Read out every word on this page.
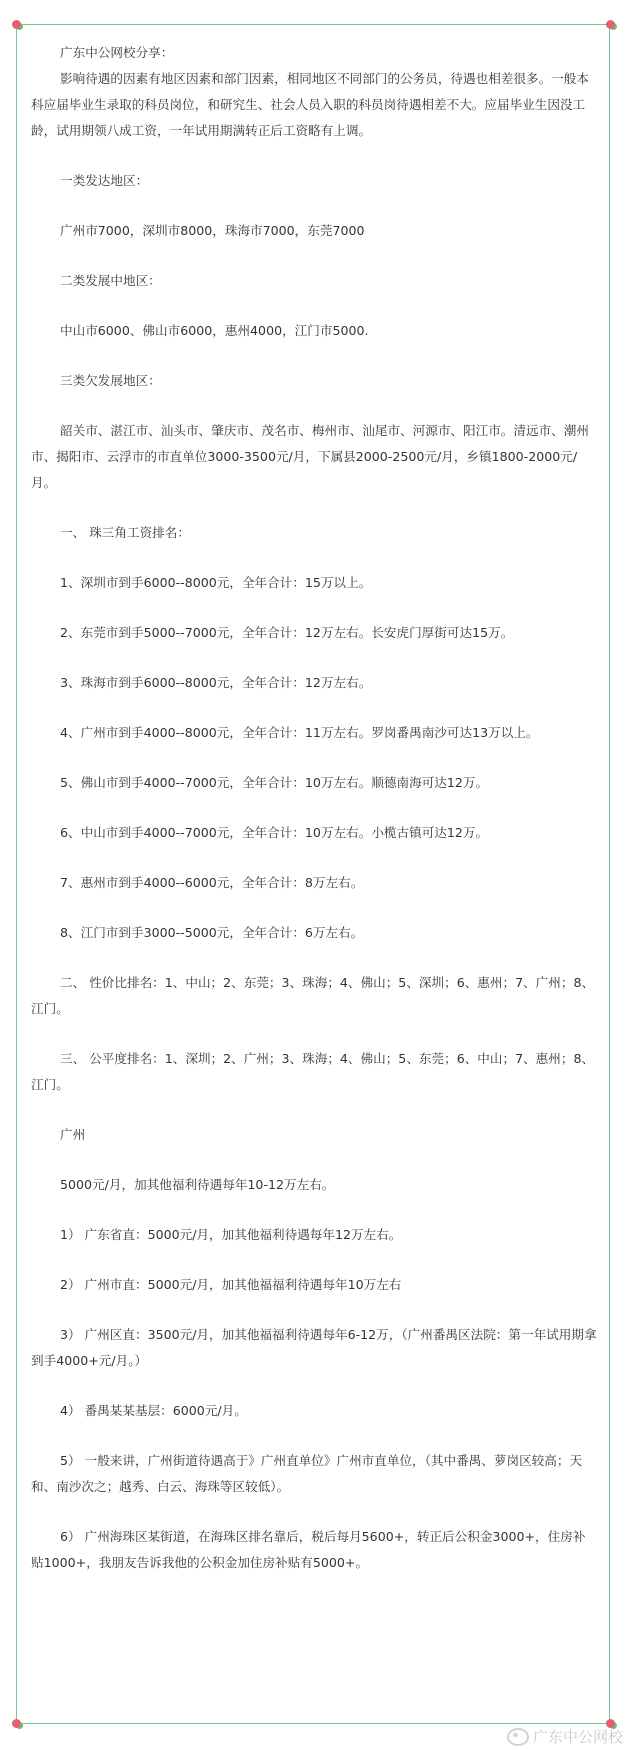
广东中公网校分享：

影响待遇的因素有地区因素和部门因素，相同地区不同部门的公务员，待遇也相差很多。一般本科应届毕业生录取的科员岗位，和研究生、社会人员入职的科员岗待遇相差不大。应届毕业生因没工龄，试用期领八成工资，一年试用期满转正后工资略有上调。

一类发达地区：

广州市7000，深圳市8000，珠海市7000，东莞7000

二类发展中地区：

中山市6000、佛山市6000，惠州4000，江门市5000.

三类欠发展地区：

韶关市、湛江市、汕头市、肇庆市、茂名市、梅州市、汕尾市、河源市、阳江市。清远市、潮州市、揭阳市、云浮市的市直单位3000-3500元/月，下属县2000-2500元/月，乡镇1800-2000元/月。

一、 珠三角工资排名：

1、深圳市到手6000--8000元，全年合计：15万以上。

2、东莞市到手5000--7000元，全年合计：12万左右。长安虎门厚街可达15万。

3、珠海市到手6000--8000元，全年合计：12万左右。

4、广州市到手4000--8000元，全年合计：11万左右。罗岗番禺南沙可达13万以上。

5、佛山市到手4000--7000元，全年合计：10万左右。顺德南海可达12万。

6、中山市到手4000--7000元，全年合计：10万左右。小榄古镇可达12万。

7、惠州市到手4000--6000元，全年合计：8万左右。

8、江门市到手3000--5000元，全年合计：6万左右。

二、 性价比排名：1、中山；2、东莞；3、珠海；4、佛山；5、深圳；6、惠州；7、广州；8、江门。

三、 公平度排名：1、深圳；2、广州；3、珠海；4、佛山；5、东莞；6、中山；7、惠州；8、江门。

广州

5000元/月，加其他福利待遇每年10-12万左右。

1） 广东省直：5000元/月，加其他福利待遇每年12万左右。

2） 广州市直：5000元/月，加其他福福利待遇每年10万左右

3） 广州区直：3500元/月，加其他福福利待遇每年6-12万，（广州番禺区法院：第一年试用期拿到手4000+元/月。）

4） 番禺某某基层：6000元/月。

5） 一般来讲，广州街道待遇高于》广州直单位》广州市直单位，（其中番禺、萝岗区较高；天和、南沙次之；越秀、白云、海珠等区较低）。

6） 广州海珠区某街道，在海珠区排名靠后，税后每月5600+，转正后公积金3000+，住房补贴1000+，我朋友告诉我他的公积金加住房补贴有5000+。

广东中公网校
